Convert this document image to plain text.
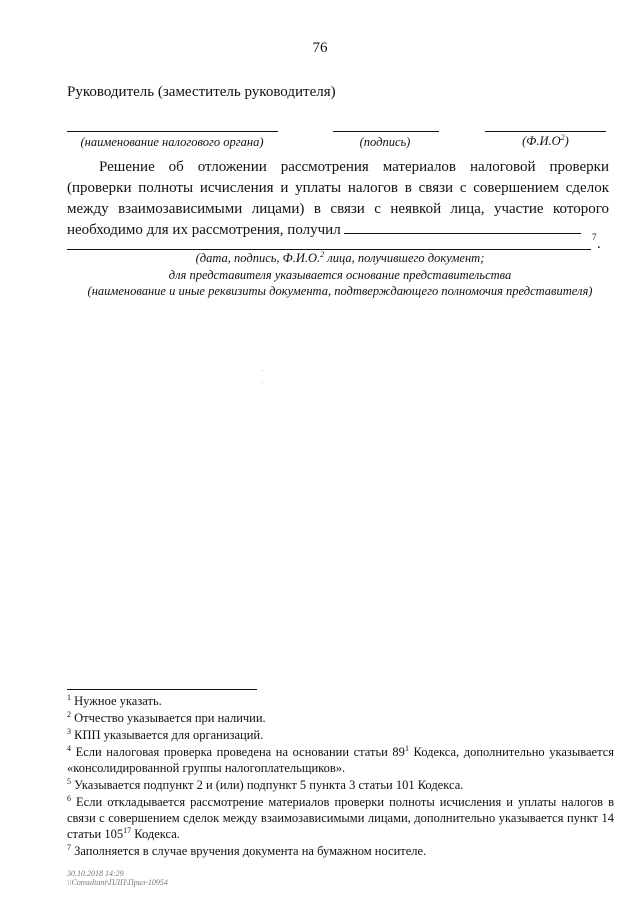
76
Руководитель (заместитель руководителя)
(наименование налогового органа)	(подпись)	$(Ф.И.О^2)$
Решение об отложении рассмотрения материалов налоговой проверки (проверки полноты исчисления и уплаты налогов в связи с совершением сделок между взаимозависимыми лицами) в связи с неявкой лица, участие которого необходимо для их рассмотрения, получил	7 .
(дата, подпись, Ф.И.О.$^2$ лица, получившего документ;
для представителя указывается основание представительства
(наименование и иные реквизиты документа, подтверждающего полномочия представителя)
$^1$ Нужное указать.
$^2$ Отчество указывается при наличии.
$^3$ КПП указывается для организаций.
$^4$ Если налоговая проверка проведена на основании статьи $89^1$ Кодекса, дополнительно указывается «консолидированной группы налогоплательщиков».
$^5$ Указывается подпункт 2 и (или) подпункт 5 пункта 3 статьи 101 Кодекса.
$^6$ Если откладывается рассмотрение материалов проверки полноты исчисления и уплаты налогов в связи с совершением сделок между взаимозависимыми лицами, дополнительно указывается пункт 14 статьи $105^{17}$ Кодекса.
$^7$ Заполняется в случае вручения документа на бумажном носителе.
30.10.2018 14:29
\\Consultant\ПЛП\Прил-10954
